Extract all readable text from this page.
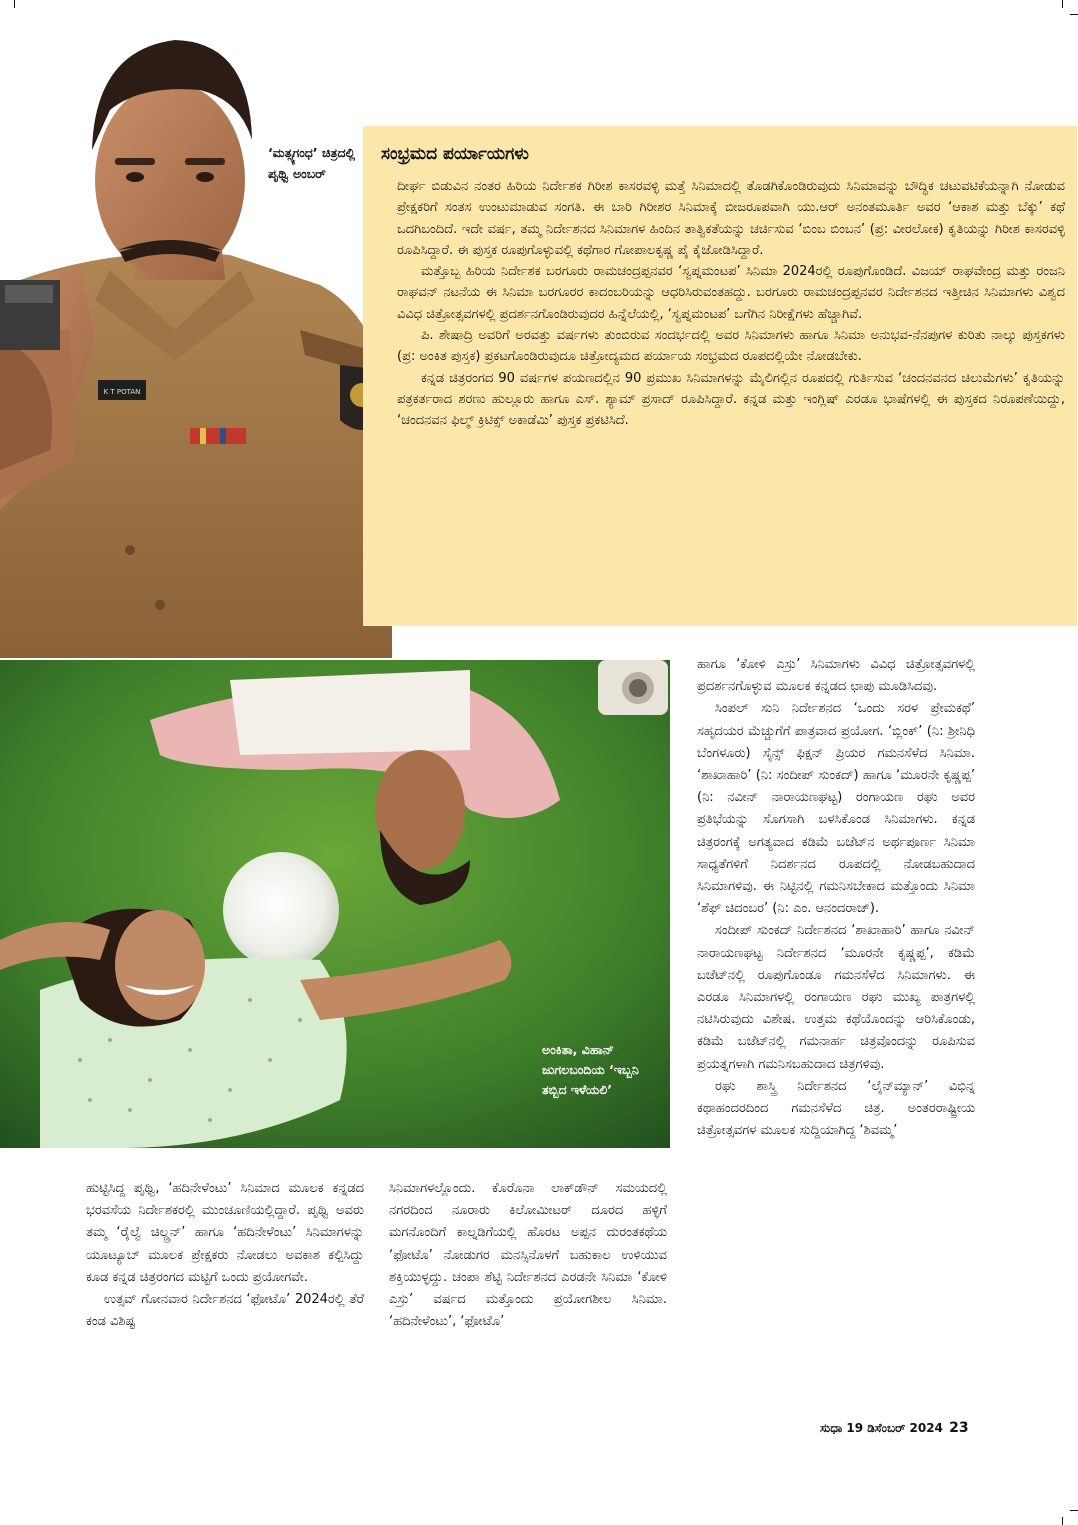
K T POTAN
‘ಮತ್ಸ್ಯಗಂಧ’ ಚಿತ್ರದಲ್ಲಿ ಪೃಥ್ವಿ ಅಂಬರ್
ಸಂಭ್ರಮದ ಪರ್ಯಾಯಗಳು

ದೀರ್ಘ ಬಿಡುವಿನ ನಂತರ ಹಿರಿಯ ನಿರ್ದೇಶಕ ಗಿರೀಶ ಕಾಸರವಳ್ಳಿ ಮತ್ತೆ ಸಿನಿಮಾದಲ್ಲಿ ತೊಡಗಿಕೊಂಡಿರುವುದು ಸಿನಿಮಾವನ್ನು ಬೌದ್ಧಿಕ ಚಟುವಟಿಕೆಯನ್ನಾಗಿ ನೋಡುವ ಪ್ರೇಕ್ಷಕರಿಗೆ ಸಂತಸ ಉಂಟುಮಾಡುವ ಸಂಗತಿ. ಈ ಬಾರಿ ಗಿರೀಶರ ಸಿನಿಮಾಕ್ಕೆ ಬೀಜರೂಪವಾಗಿ ಯು.ಆರ್ ಅನಂತಮೂರ್ತಿ ಅವರ ‘ಆಕಾಶ ಮತ್ತು ಬೆಕ್ಕು’ ಕಥೆ ಒದಗಿಬಂದಿದೆ. ಇದೇ ವರ್ಷ, ತಮ್ಮ ನಿರ್ದೇಶನದ ಸಿನಿಮಾಗಳ ಹಿಂದಿನ ತಾತ್ವಿಕತೆಯನ್ನು ಚರ್ಚಿಸುವ ‘ಬಿಂಬ ಬಿಂಬನ’ (ಪ್ರ: ವೀರಲೋಕ) ಕೃತಿಯನ್ನು ಗಿರೀಶ ಕಾಸರವಳ್ಳಿ ರೂಪಿಸಿದ್ದಾರೆ. ಈ ಪುಸ್ತಕ ರೂಪುಗೊಳ್ಳುವಲ್ಲಿ ಕಥೆಗಾರ ಗೋಪಾಲಕೃಷ್ಣ ಪೈ ಕೈಜೋಡಿಸಿದ್ದಾರೆ.

ಮತ್ತೊಬ್ಬ ಹಿರಿಯ ನಿರ್ದೇಶಕ ಬರಗೂರು ರಾಮಚಂದ್ರಪ್ಪನವರ ‘ಸ್ವಪ್ನಮಂಟಪ’ ಸಿನಿಮಾ 2024ರಲ್ಲಿ ರೂಪುಗೊಂಡಿದೆ. ವಿಜಯ್ ರಾಘವೇಂದ್ರ ಮತ್ತು ರಂಜನಿ ರಾಘವನ್ ನಟನೆಯ ಈ ಸಿನಿಮಾ ಬರಗೂರರ ಕಾದಂಬರಿಯನ್ನು ಆಧರಿಸಿರುವಂತಹದ್ದು. ಬರಗೂರು ರಾಮಚಂದ್ರಪ್ಪನವರ ನಿರ್ದೇಶನದ ಇತ್ತೀಚಿನ ಸಿನಿಮಾಗಳು ವಿಶ್ವದ ವಿವಿಧ ಚಿತ್ರೋತ್ಸವಗಳಲ್ಲಿ ಪ್ರದರ್ಶನಗೊಂಡಿರುವುದರ ಹಿನ್ನೆಲೆಯಲ್ಲಿ, ‘ಸ್ವಪ್ನಮಂಟಪ’ ಬಗೆಗಿನ ನಿರೀಕ್ಷೆಗಳು ಹೆಚ್ಚಾಗಿವೆ.

ಪಿ. ಶೇಷಾದ್ರಿ ಅವರಿಗೆ ಅರವತ್ತು ವರ್ಷಗಳು ತುಂಬಿರುವ ಸಂದರ್ಭದಲ್ಲಿ ಅವರ ಸಿನಿಮಾಗಳು ಹಾಗೂ ಸಿನಿಮಾ ಅನುಭವ-ನೆನಪುಗಳ ಕುರಿತು ನಾಲ್ಕು ಪುಸ್ತಕಗಳು (ಪ್ರ: ಅಂಕಿತ ಪುಸ್ತಕ) ಪ್ರಕಟಗೊಂಡಿರುವುದೂ ಚಿತ್ರೋದ್ಯಮದ ಪರ್ಯಾಯ ಸಂಭ್ರಮದ ರೂಪದಲ್ಲಿಯೇ ನೋಡಬೇಕು.

ಕನ್ನಡ ಚಿತ್ರರಂಗದ 90 ವರ್ಷಗಳ ಪಯಣದಲ್ಲಿನ 90 ಪ್ರಮುಖ ಸಿನಿಮಾಗಳನ್ನು ಮೈಲಿಗಲ್ಲಿನ ರೂಪದಲ್ಲಿ ಗುರ್ತಿಸುವ ‘ಚಂದನವನದ ಚಿಲುಮೆಗಳು’ ಕೃತಿಯನ್ನು ಪತ್ರಕರ್ತರಾದ ಶರಣು ಹುಲ್ಲೂರು ಹಾಗೂ ಎಸ್. ಶ್ಯಾಮ್ ಪ್ರಸಾದ್ ರೂಪಿಸಿದ್ದಾರೆ. ಕನ್ನಡ ಮತ್ತು ಇಂಗ್ಲಿಷ್ ಎರಡೂ ಭಾಷೆಗಳಲ್ಲಿ ಈ ಪುಸ್ತಕದ ನಿರೂಪಣೆಯಿದ್ದು, ‘ಚಂದನವನ ಫಿಲ್ಮ್ ಕ್ರಿಟಿಕ್ಸ್ ಅಕಾಡೆಮಿ’ ಪುಸ್ತಕ ಪ್ರಕಟಿಸಿದೆ.

ಅಂಕಿತಾ, ವಿಹಾನ್ ಜುಗಲಬಂದಿಯ ‘ಇಬ್ಬನಿ ತಬ್ಬಿದ ಇಳೆಯಲಿ’

ಹಾಗೂ ‘ಕೋಳಿ ಎಸ್ರು’ ಸಿನಿಮಾಗಳು ವಿವಿಧ ಚಿತ್ರೋತ್ಸವಗಳಲ್ಲಿ ಪ್ರದರ್ಶನಗೊಳ್ಳುವ ಮೂಲಕ ಕನ್ನಡದ ಛಾಪು ಮೂಡಿಸಿದವು.

ಸಿಂಪಲ್ ಸುನಿ ನಿರ್ದೇಶನದ ‘ಒಂದು ಸರಳ ಪ್ರೇಮಕಥೆ’ ಸಹೃದಯರ ಮೆಚ್ಚುಗೆಗೆ ಪಾತ್ರವಾದ ಪ್ರಯೋಗ. ‘ಬ್ಲಿಂಕ್’ (ನಿ: ಶ್ರೀನಿಧಿ ಬೆಂಗಳೂರು) ಸೈನ್ಸ್ ಫಿಕ್ಷನ್ ಪ್ರಿಯರ ಗಮನಸೆಳೆದ ಸಿನಿಮಾ. ‘ಶಾಖಾಹಾರಿ’ (ನಿ: ಸಂದೀಪ್ ಸುಂಕದ್) ಹಾಗೂ ‘ಮೂರನೇ ಕೃಷ್ಣಪ್ಪ’ (ನಿ: ನವೀನ್ ನಾರಾಯಣಘಟ್ಟ) ರಂಗಾಯಣ ರಘು ಅವರ ಪ್ರತಿಭೆಯನ್ನು ಸೊಗಸಾಗಿ ಬಳಸಿಕೊಂಡ ಸಿನಿಮಾಗಳು. ಕನ್ನಡ ಚಿತ್ರರಂಗಕ್ಕೆ ಅಗತ್ಯವಾದ ಕಡಿಮೆ ಬಜೆಟ್‌ನ ಅರ್ಥಪೂರ್ಣ ಸಿನಿಮಾ ಸಾಧ್ಯತೆಗಳಿಗೆ ನಿದರ್ಶನದ ರೂಪದಲ್ಲಿ ನೋಡಬಹುದಾದ ಸಿನಿಮಾಗಳಿವು. ಈ ನಿಟ್ಟಿನಲ್ಲಿ ಗಮನಿಸಬೇಕಾದ ಮತ್ತೊಂದು ಸಿನಿಮಾ ‘ಶೆಫ್ ಚಿದಂಬರ’ (ನಿ: ಎಂ. ಆನಂದರಾಜ್).

ಸಂದೀಪ್ ಸುಂಕದ್ ನಿರ್ದೇಶನದ ‘ಶಾಖಾಹಾರಿ’ ಹಾಗೂ ನವೀನ್ ನಾರಾಯಣಘಟ್ಟ ನಿರ್ದೇಶನದ ‘ಮೂರನೇ ಕೃಷ್ಣಪ್ಪ’, ಕಡಿಮೆ ಬಜೆಟ್‌ನಲ್ಲಿ ರೂಪುಗೊಂಡೂ ಗಮನಸೆಳೆದ ಸಿನಿಮಾಗಳು. ಈ ಎರಡೂ ಸಿನಿಮಾಗಳಲ್ಲಿ ರಂಗಾಯಣ ರಘು ಮುಖ್ಯ ಪಾತ್ರಗಳಲ್ಲಿ ನಟಿಸಿರುವುದು ವಿಶೇಷ. ಉತ್ತಮ ಕಥೆಯೊಂದನ್ನು ಆರಿಸಿಕೊಂಡು, ಕಡಿಮೆ ಬಜೆಟ್‌ನಲ್ಲಿ ಗಮನಾರ್ಹ ಚಿತ್ರವೊಂದನ್ನು ರೂಪಿಸುವ ಪ್ರಯತ್ನಗಳಾಗಿ ಗಮನಿಸಬಹುದಾದ ಚಿತ್ರಗಳಿವು.

ರಘು ಶಾಸ್ತ್ರಿ ನಿರ್ದೇಶನದ ‘ಲೈನ್‌ಮ್ಯಾನ್’ ವಿಭಿನ್ನ ಕಥಾಹಂದರದಿಂದ ಗಮನಸೆಳೆದ ಚಿತ್ರ. ಅಂತರರಾಷ್ಟ್ರೀಯ ಚಿತ್ರೋತ್ಸವಗಳ ಮೂಲಕ ಸುದ್ದಿಯಾಗಿದ್ದ ‘ಶಿವಮ್ಮ’

ಹುಟ್ಟಿಸಿದ್ದ ಪೃಥ್ವಿ, ‘ಹದಿನೇಳೆಂಟು’ ಸಿನಿಮಾದ ಮೂಲಕ ಕನ್ನಡದ ಭರವಸೆಯ ನಿರ್ದೇಶಕರಲ್ಲಿ ಮುಂಚೂಣಿಯಲ್ಲಿದ್ದಾರೆ. ಪೃಥ್ವಿ ಅವರು ತಮ್ಮ ‘ರೈಲ್ವೆ ಚಿಲ್ಡ್ರನ್’ ಹಾಗೂ ‘ಹದಿನೇಳೆಂಟು’ ಸಿನಿಮಾಗಳನ್ನು ಯೂಟ್ಯೂಬ್ ಮೂಲಕ ಪ್ರೇಕ್ಷಕರು ನೋಡಲು ಅವಕಾಶ ಕಲ್ಪಿಸಿದ್ದು ಕೂಡ ಕನ್ನಡ ಚಿತ್ರರಂಗದ ಮಟ್ಟಿಗೆ ಒಂದು ಪ್ರಯೋಗವೇ.

ಉತ್ಸವ್ ಗೋನವಾರ ನಿರ್ದೇಶನದ ‘ಫೋಟೊ’ 2024ರಲ್ಲಿ ತೆರೆ ಕಂಡ ವಿಶಿಷ್ಟ

ಸಿನಿಮಾಗಳಲ್ಲೊಂದು. ಕೊರೊನಾ ಲಾಕ್‌ಡೌನ್ ಸಮಯದಲ್ಲಿ ನಗರದಿಂದ ನೂರಾರು ಕಿಲೋಮೀಟರ್ ದೂರದ ಹಳ್ಳಿಗೆ ಮಗನೊಂದಿಗೆ ಕಾಲ್ನಡಿಗೆಯಲ್ಲಿ ಹೊರಟ ಅಪ್ಪನ ದುರಂತಕಥೆಯ ‘ಫೋಟೊ’ ನೋಡುಗರ ಮನಸ್ಸಿನೊಳಗೆ ಬಹುಕಾಲ ಉಳಿಯುವ ಶಕ್ತಿಯುಳ್ಳದ್ದು. ಚಂಪಾ ಶೆಟ್ಟಿ ನಿರ್ದೇಶನದ ಎರಡನೇ ಸಿನಿಮಾ ‘ಕೋಳಿ ಎಸ್ರು’ ವರ್ಷದ ಮತ್ತೊಂದು ಪ್ರಯೋಗಶೀಲ ಸಿನಿಮಾ. ‘ಹದಿನೇಳೆಂಟು’, ‘ಫೋಟೊ’

ಸುಧಾ 19 ಡಿಸೆಂಬರ್ 2024 23
